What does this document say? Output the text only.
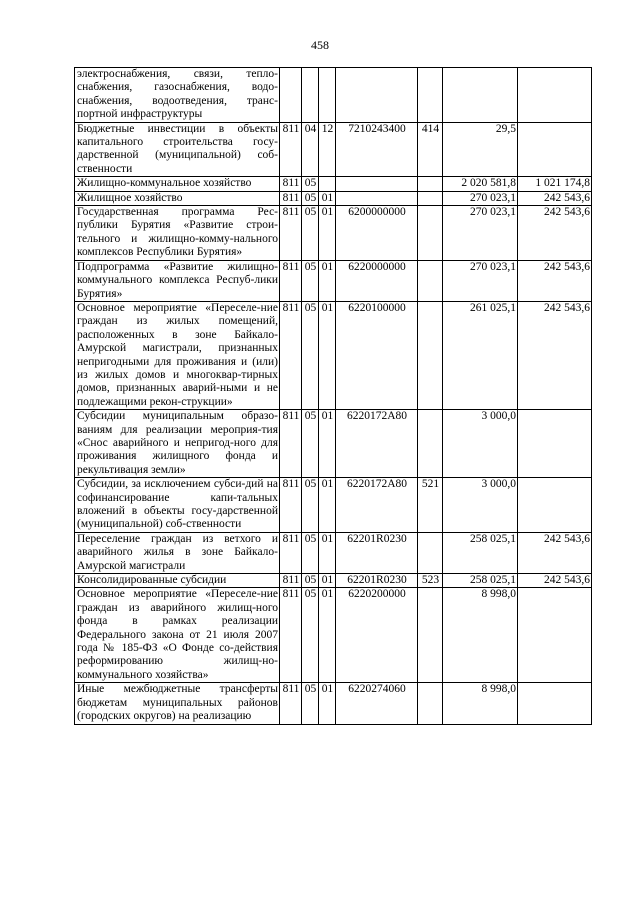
458
электроснабжения, связи, тепло-снабжения, газоснабжения, водо-снабжения, водоотведения, транс-портной инфраструктуры							
Бюджетные инвестиции в объекты капитального строительства госу-дарственной (муниципальной) соб-ственности	811	04	12	7210243400	414	29,5	
Жилищно-коммунальное хозяйство	811	05				2 020 581,8	1 021 174,8
Жилищное хозяйство	811	05	01			270 023,1	242 543,6
Государственная программа Рес-публики Бурятия «Развитие строи-тельного и жилищно-комму-нального комплексов Республики Бурятия»	811	05	01	6200000000		270 023,1	242 543,6
Подпрограмма «Развитие жилищно-коммунального комплекса Респуб-лики Бурятия»	811	05	01	6220000000		270 023,1	242 543,6
Основное мероприятие «Переселе-ние граждан из жилых помещений, расположенных в зоне Байкало-Амурской магистрали, признанных непригодными для проживания и (или) из жилых домов и многоквар-тирных домов, признанных аварий-ными и не подлежащими рекон-струкции»	811	05	01	6220100000		261 025,1	242 543,6
Субсидии муниципальным образо-ваниям для реализации мероприя-тия «Снос аварийного и непригод-ного для проживания жилищного фонда и рекультивация земли»	811	05	01	6220172А80		3 000,0	
Субсидии, за исключением субси-дий на софинансирование капи-тальных вложений в объекты госу-дарственной (муниципальной) соб-ственности	811	05	01	6220172А80	521	3 000,0	
Переселение граждан из ветхого и аварийного жилья в зоне Байкало-Амурской магистрали	811	05	01	62201R0230		258 025,1	242 543,6
Консолидированные субсидии	811	05	01	62201R0230	523	258 025,1	242 543,6
Основное мероприятие «Переселе-ние граждан из аварийного жилищ-ного фонда в рамках реализации Федерального закона от 21 июля 2007 года № 185-ФЗ «О Фонде со-действия реформированию жилищ-но-коммунального хозяйства»	811	05	01	6220200000		8 998,0	
Иные межбюджетные трансферты бюджетам муниципальных районов (городских округов) на реализацию	811	05	01	6220274060		8 998,0	
